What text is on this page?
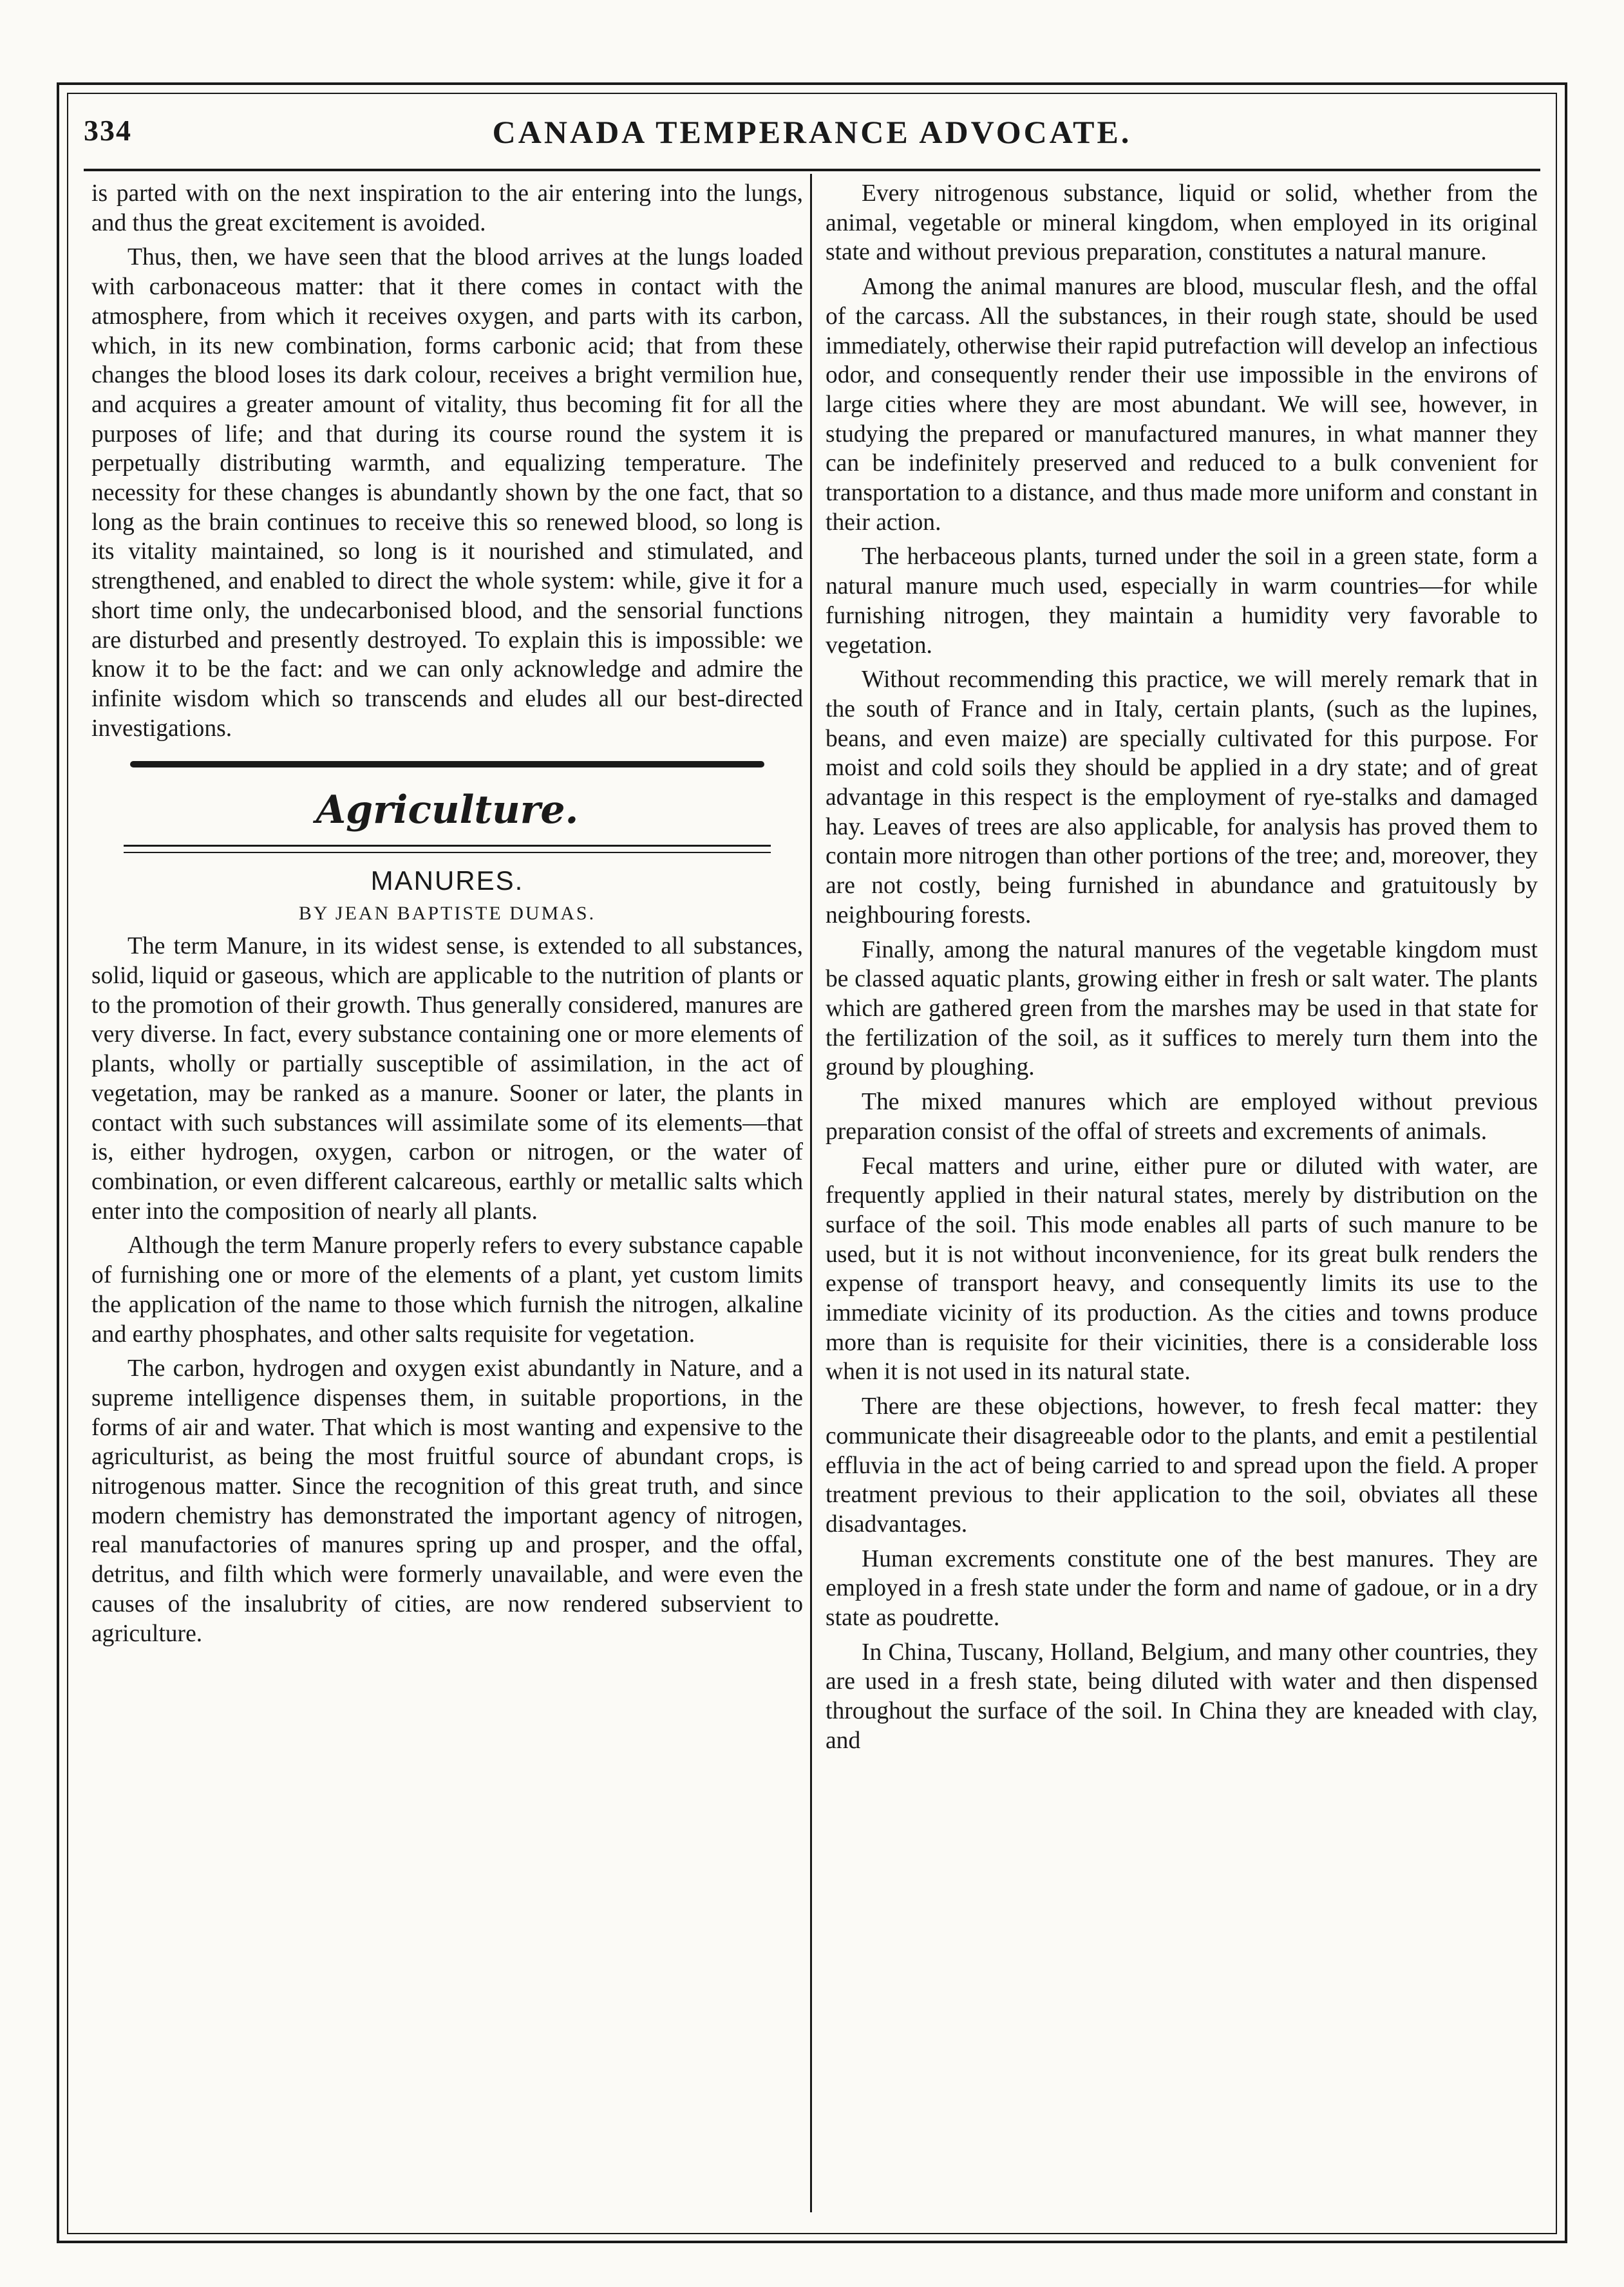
334	CANADA TEMPERANCE ADVOCATE.

is parted with on the next inspiration to the air entering into the lungs, and thus the great excitement is avoided.

Thus, then, we have seen that the blood arrives at the lungs loaded with carbonaceous matter: that it there comes in contact with the atmosphere, from which it receives oxygen, and parts with its carbon, which, in its new combination, forms carbonic acid; that from these changes the blood loses its dark colour, receives a bright vermilion hue, and acquires a greater amount of vitality, thus becoming fit for all the purposes of life; and that during its course round the system it is perpetually distributing warmth, and equalizing temperature. The necessity for these changes is abundantly shown by the one fact, that so long as the brain continues to receive this so renewed blood, so long is its vitality maintained, so long is it nourished and stimulated, and strengthened, and enabled to direct the whole system: while, give it for a short time only, the undecarbonised blood, and the sensorial functions are disturbed and presently destroyed. To explain this is impossible: we know it to be the fact: and we can only acknowledge and admire the infinite wisdom which so transcends and eludes all our best-directed investigations.

Agriculture.
MANURES.
BY JEAN BAPTISTE DUMAS.

The term Manure, in its widest sense, is extended to all substances, solid, liquid or gaseous, which are applicable to the nutrition of plants or to the promotion of their growth. Thus generally considered, manures are very diverse. In fact, every substance containing one or more elements of plants, wholly or partially susceptible of assimilation, in the act of vegetation, may be ranked as a manure. Sooner or later, the plants in contact with such substances will assimilate some of its elements—that is, either hydrogen, oxygen, carbon or nitrogen, or the water of combination, or even different calcareous, earthly or metallic salts which enter into the composition of nearly all plants.

Although the term Manure properly refers to every substance capable of furnishing one or more of the elements of a plant, yet custom limits the application of the name to those which furnish the nitrogen, alkaline and earthy phosphates, and other salts requisite for vegetation.

The carbon, hydrogen and oxygen exist abundantly in Nature, and a supreme intelligence dispenses them, in suitable proportions, in the forms of air and water. That which is most wanting and expensive to the agriculturist, as being the most fruitful source of abundant crops, is nitrogenous matter. Since the recognition of this great truth, and since modern chemistry has demonstrated the important agency of nitrogen, real manufactories of manures spring up and prosper, and the offal, detritus, and filth which were formerly unavailable, and were even the causes of the insalubrity of cities, are now rendered subservient to agriculture.

Every nitrogenous substance, liquid or solid, whether from the animal, vegetable or mineral kingdom, when employed in its original state and without previous preparation, constitutes a natural manure.

Among the animal manures are blood, muscular flesh, and the offal of the carcass. All the substances, in their rough state, should be used immediately, otherwise their rapid putrefaction will develop an infectious odor, and consequently render their use impossible in the environs of large cities where they are most abundant. We will see, however, in studying the prepared or manufactured manures, in what manner they can be indefinitely preserved and reduced to a bulk convenient for transportation to a distance, and thus made more uniform and constant in their action.

The herbaceous plants, turned under the soil in a green state, form a natural manure much used, especially in warm countries—for while furnishing nitrogen, they maintain a humidity very favorable to vegetation.

Without recommending this practice, we will merely remark that in the south of France and in Italy, certain plants, (such as the lupines, beans, and even maize) are specially cultivated for this purpose. For moist and cold soils they should be applied in a dry state; and of great advantage in this respect is the employment of rye-stalks and damaged hay. Leaves of trees are also applicable, for analysis has proved them to contain more nitrogen than other portions of the tree; and, moreover, they are not costly, being furnished in abundance and gratuitously by neighbouring forests.

Finally, among the natural manures of the vegetable kingdom must be classed aquatic plants, growing either in fresh or salt water. The plants which are gathered green from the marshes may be used in that state for the fertilization of the soil, as it suffices to merely turn them into the ground by ploughing.

The mixed manures which are employed without previous preparation consist of the offal of streets and excrements of animals.

Fecal matters and urine, either pure or diluted with water, are frequently applied in their natural states, merely by distribution on the surface of the soil. This mode enables all parts of such manure to be used, but it is not without inconvenience, for its great bulk renders the expense of transport heavy, and consequently limits its use to the immediate vicinity of its production. As the cities and towns produce more than is requisite for their vicinities, there is a considerable loss when it is not used in its natural state.

There are these objections, however, to fresh fecal matter: they communicate their disagreeable odor to the plants, and emit a pestilential effluvia in the act of being carried to and spread upon the field. A proper treatment previous to their application to the soil, obviates all these disadvantages.

Human excrements constitute one of the best manures. They are employed in a fresh state under the form and name of gadoue, or in a dry state as poudrette.

In China, Tuscany, Holland, Belgium, and many other countries, they are used in a fresh state, being diluted with water and then dispensed throughout the surface of the soil. In China they are kneaded with clay, and
